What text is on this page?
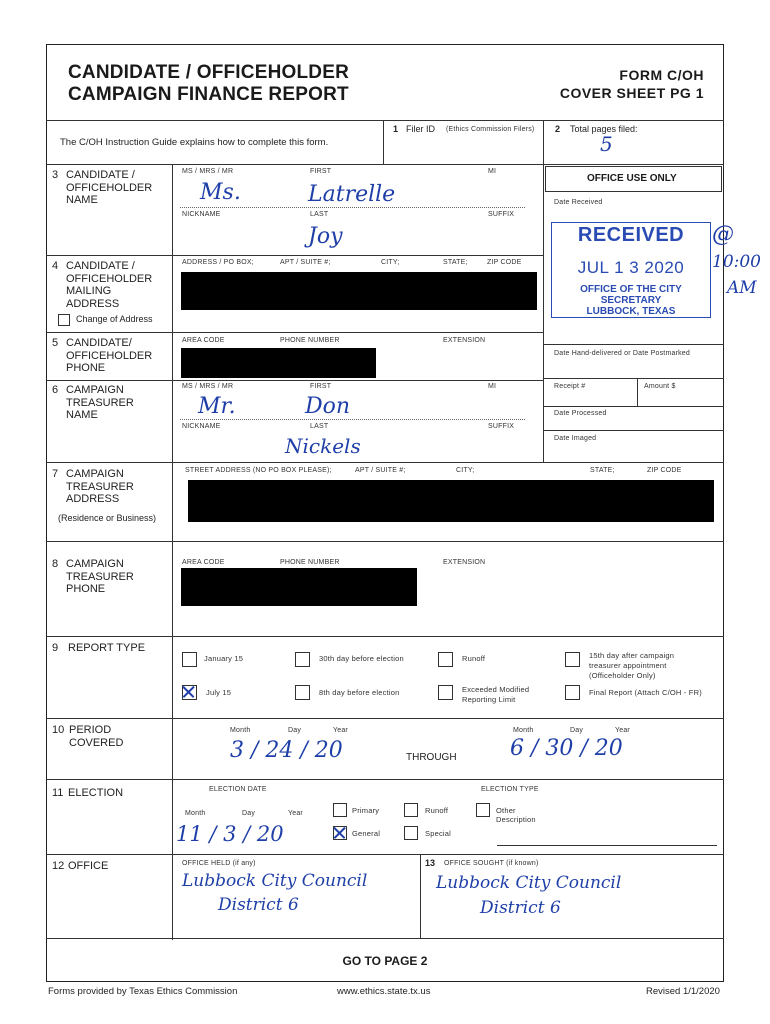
CANDIDATE / OFFICEHOLDER
CAMPAIGN FINANCE REPORT
FORM C/OH
COVER SHEET PG 1
The C/OH Instruction Guide explains how to complete this form.
1 Filer ID (Ethics Commission Filers) 2 Total pages filed:
5
OFFICE USE ONLY
Date Received
RECEIVED
JUL 1 3 2020
OFFICE OF THE CITY SECRETARY
LUBBOCK, TEXAS
@
10:00
AM
Date Hand-delivered or Date Postmarked
Receipt #	Amount $
Date Processed
Date Imaged
3 CANDIDATE /
OFFICEHOLDER
NAME
MS / MRS / MR	FIRST	MI
Ms.	Latrelle
NICKNAME	LAST	SUFFIX
Joy
4 CANDIDATE /
OFFICEHOLDER
MAILING
ADDRESS
ADDRESS / PO BOX;	APT / SUITE #;	CITY;	STATE;	ZIP CODE
Change of Address
5 CANDIDATE/
OFFICEHOLDER
PHONE
AREA CODE	PHONE NUMBER	EXTENSION
6 CAMPAIGN
TREASURER
NAME
MS / MRS / MR	FIRST	MI
Mr.	Don
NICKNAME	LAST	SUFFIX
Nickels
7 CAMPAIGN
TREASURER
ADDRESS
(Residence or Business)
STREET ADDRESS (NO PO BOX PLEASE);	APT / SUITE #;	CITY;	STATE;	ZIP CODE
8 CAMPAIGN
TREASURER
PHONE
AREA CODE	PHONE NUMBER	EXTENSION
9 REPORT TYPE
January 15	30th day before election	Runoff	15th day after campaign
treasurer appointment
(Officeholder Only)
July 15	8th day before election	Exceeded Modified
Reporting Limit
Final Report (Attach C/OH - FR)
10 PERIOD
COVERED
Month	Day	Year
3 / 24 / 20	THROUGH
Month	Day	Year
6 / 30 / 20
11 ELECTION	ELECTION DATE	ELECTION TYPE
Month	Day	Year
11 / 3 / 20
Primary	Runoff	Other
Description
General	Special
12 OFFICE	OFFICE HELD (if any)
Lubbock City Council
District 6
13 OFFICE SOUGHT (if known)
Lubbock City Council
District 6
GO TO PAGE 2
Forms provided by Texas Ethics Commission	www.ethics.state.tx.us	Revised 1/1/2020
